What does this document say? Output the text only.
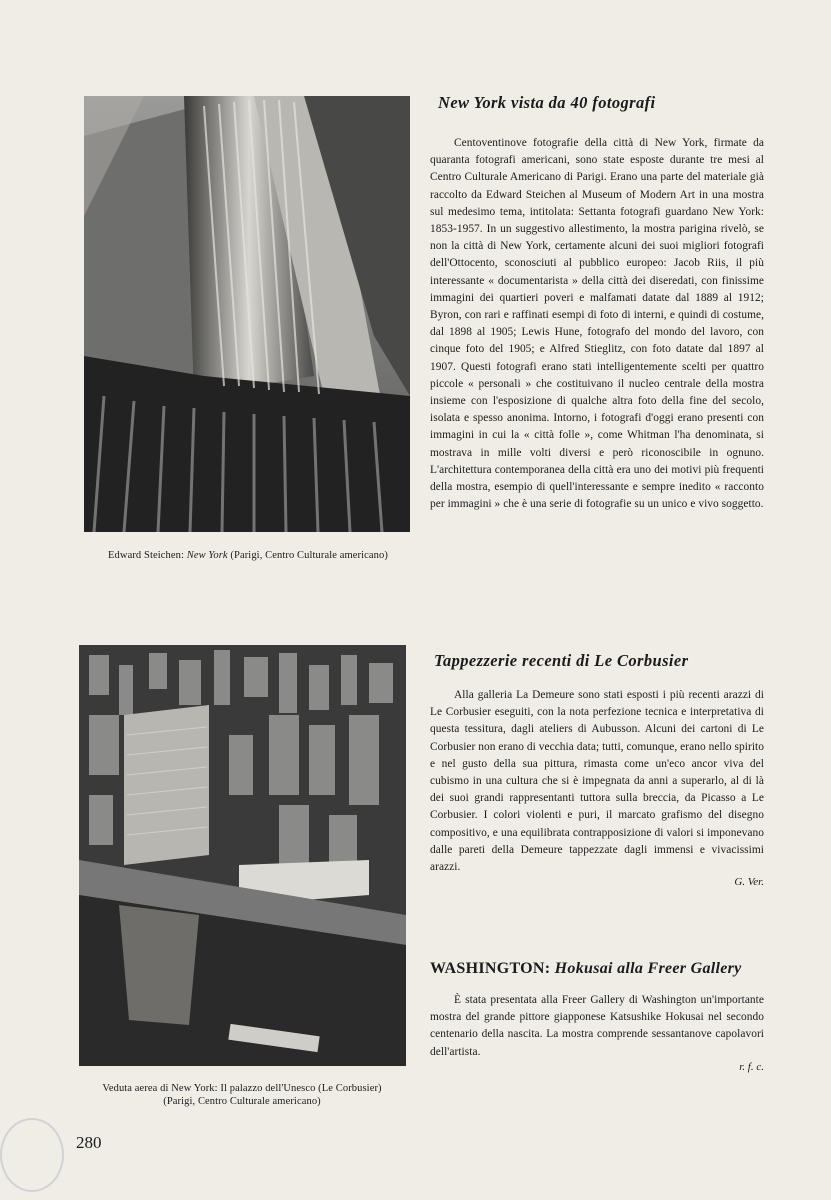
Edward Steichen: New York (Parigi, Centro Culturale americano)
Veduta aerea di New York: Il palazzo dell'Unesco (Le Corbusier)
(Parigi, Centro Culturale americano)
New York vista da 40 fotografi

Centoventinove fotografie della città di New York, firmate da quaranta fotografi americani, sono state esposte durante tre mesi al Centro Culturale Americano di Parigi. Erano una parte del materiale già raccolto da Edward Steichen al Museum of Modern Art in una mostra sul medesimo tema, intitolata: Settanta fotografi guardano New York: 1853-1957. In un suggestivo allestimento, la mostra parigina rivelò, se non la città di New York, certamente alcuni dei suoi migliori fotografi dell'Ottocento, sconosciuti al pubblico europeo: Jacob Riis, il più interessante « documentarista » della città dei diseredati, con finissime immagini dei quartieri poveri e malfamati datate dal 1889 al 1912; Byron, con rari e raffinati esempi di foto di interni, e quindi di costume, dal 1898 al 1905; Lewis Hune, fotografo del mondo del lavoro, con cinque foto del 1905; e Alfred Stieglitz, con foto datate dal 1897 al 1907. Questi fotografi erano stati intelligentemente scelti per quattro piccole « personali » che costituivano il nucleo centrale della mostra insieme con l'esposizione di qualche altra foto della fine del secolo, isolata e spesso anonima. Intorno, i fotografi d'oggi erano presenti con immagini in cui la « città folle », come Whitman l'ha denominata, si mostrava in mille volti diversi e però riconoscibile in ognuno. L'architettura contemporanea della città era uno dei motivi più frequenti della mostra, esempio di quell'interessante e sempre inedito « racconto per immagini » che è una serie di fotografie su un unico e vivo soggetto.

Tappezzerie recenti di Le Corbusier

Alla galleria La Demeure sono stati esposti i più recenti arazzi di Le Corbusier eseguiti, con la nota perfezione tecnica e interpretativa di questa tessitura, dagli ateliers di Aubusson. Alcuni dei cartoni di Le Corbusier non erano di vecchia data; tutti, comunque, erano nello spirito e nel gusto della sua pittura, rimasta come un'eco ancor viva del cubismo in una cultura che si è impegnata da anni a superarlo, al di là dei suoi grandi rappresentanti tuttora sulla breccia, da Picasso a Le Corbusier. I colori violenti e puri, il marcato grafismo del disegno compositivo, e una equilibrata contrapposizione di valori si imponevano dalle pareti della Demeure tappezzate dagli immensi e vivacissimi arazzi.

G. Ver.

WASHINGTON: Hokusai alla Freer Gallery

È stata presentata alla Freer Gallery di Washington un'importante mostra del grande pittore giapponese Katsushike Hokusai nel secondo centenario della nascita. La mostra comprende sessantanove capolavori dell'artista.

r. f. c.

280
